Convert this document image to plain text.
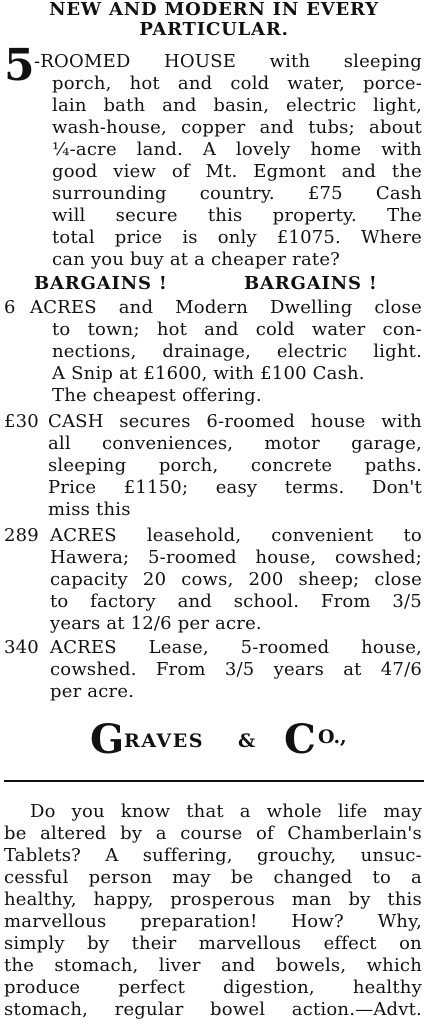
NEW AND MODERN IN EVERY
PARTICULAR.
5 -ROOMED HOUSE with sleeping
porch, hot and cold water, porce-
lain bath and basin, electric light,
wash-house, copper and tubs; about
¼-acre land. A lovely home with
good view of Mt. Egmont and the
surrounding country. £75 Cash
will secure this property. The
total price is only £1075. Where
can you buy at a cheaper rate?
BARGAINS !	BARGAINS !
6 ACRES and Modern Dwelling close
to town; hot and cold water con-
nections, drainage, electric light.
A Snip at £1600, with £100 Cash.
The cheapest offering.
£30 CASH secures 6-roomed house with
all conveniences, motor garage,
sleeping porch, concrete paths.
Price £1150; easy terms. Don't
miss this
289 ACRES leasehold, convenient to
Hawera; 5-roomed house, cowshed;
capacity 20 cows, 200 sheep; close
to factory and school. From 3/5
years at 12/6 per acre.
340 ACRES Lease, 5-roomed house,
cowshed. From 3/5 years at 47/6
per acre.
G RAVES & C O.,
Do you know that a whole life may
be altered by a course of Chamberlain's
Tablets? A suffering, grouchy, unsuc-
cessful person may be changed to a
healthy, happy, prosperous man by this
marvellous preparation! How? Why,
simply by their marvellous effect on
the stomach, liver and bowels, which
produce perfect digestion, healthy
stomach, regular bowel action.—Advt.
